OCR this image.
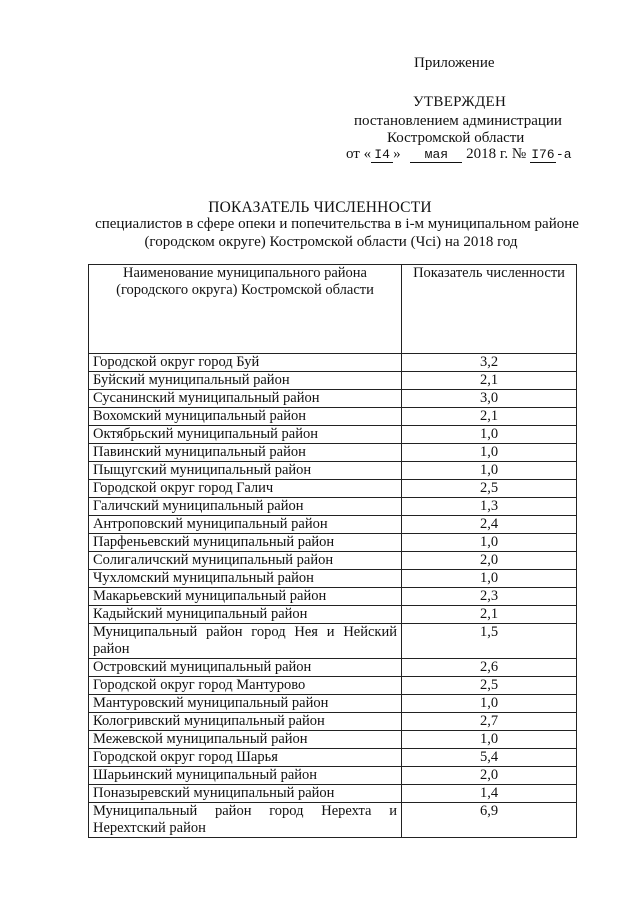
Приложение
УТВЕРЖДЕН
постановлением администрации
Костромской области
от « I4 » мая 2018 г. № I76-а
ПОКАЗАТЕЛЬ ЧИСЛЕННОСТИ
специалистов в сфере опеки и попечительства в i-м муниципальном районе
(городском округе) Костромской области (Чсi) на 2018 год
Наименование муниципального района (городского округа) Костромской области	Показатель численности
Городской округ город Буй	3,2
Буйский муниципальный район	2,1
Сусанинский муниципальный район	3,0
Вохомский муниципальный район	2,1
Октябрьский муниципальный район	1,0
Павинский муниципальный район	1,0
Пыщугский муниципальный район	1,0
Городской округ город Галич	2,5
Галичский муниципальный район	1,3
Антроповский муниципальный район	2,4
Парфеньевский муниципальный район	1,0
Солигаличский муниципальный район	2,0
Чухломский муниципальный район	1,0
Макарьевский муниципальный район	2,3
Кадыйский муниципальный район	2,1
Муниципальный район город Нея и Нейский район	1,5
Островский муниципальный район	2,6
Городской округ город Мантурово	2,5
Мантуровский муниципальный район	1,0
Кологривский муниципальный район	2,7
Межевской муниципальный район	1,0
Городской округ город Шарья	5,4
Шарьинский муниципальный район	2,0
Поназыревский муниципальный район	1,4
Муниципальный район город Нерехта и Нерехтский район	6,9
